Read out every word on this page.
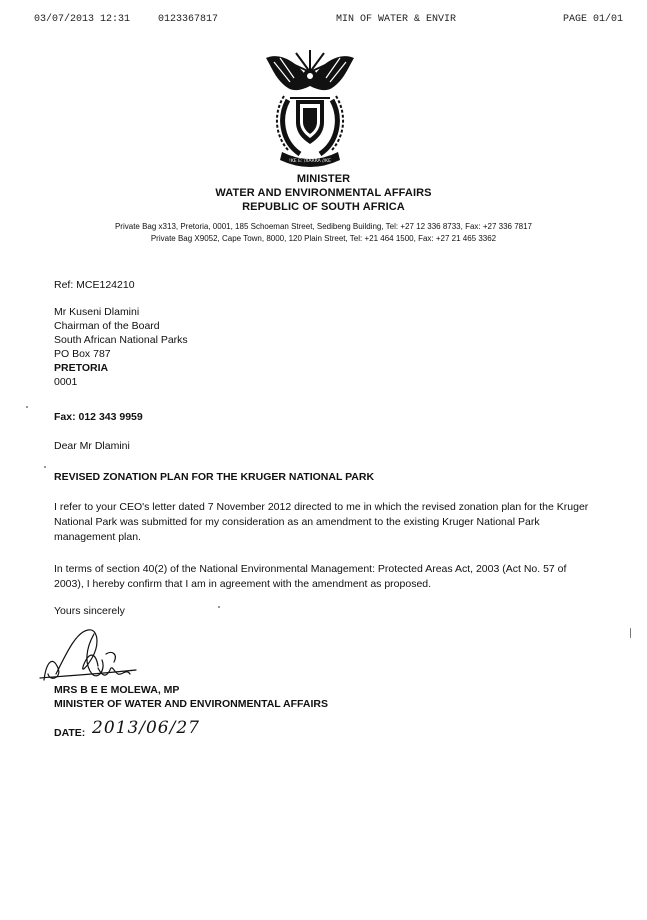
03/07/2013 12:31	0123367817	MIN OF WATER & ENVIR	PAGE 01/01
!KE E: /XARRA //KE
MINISTER
WATER AND ENVIRONMENTAL AFFAIRS
REPUBLIC OF SOUTH AFRICA
Private Bag x313, Pretoria, 0001, 185 Schoeman Street, Sedibeng Building, Tel: +27 12 336 8733, Fax: +27 336 7817
Private Bag X9052, Cape Town, 8000, 120 Plain Street, Tel: +21 464 1500, Fax: +27 21 465 3362
Ref: MCE124210
Mr Kuseni Dlamini
Chairman of the Board
South African National Parks
PO Box 787
PRETORIA
0001
Fax: 012 343 9959
Dear Mr Dlamini
REVISED ZONATION PLAN FOR THE KRUGER NATIONAL PARK
I refer to your CEO's letter dated 7 November 2012 directed to me in which the revised zonation plan for the Kruger National Park was submitted for my consideration as an amendment to the existing Kruger National Park management plan.
In terms of section 40(2) of the National Environmental Management: Protected Areas Act, 2003 (Act No. 57 of 2003), I hereby confirm that I am in agreement with the amendment as proposed.
Yours sincerely
MRS B E E MOLEWA, MP
MINISTER OF WATER AND ENVIRONMENTAL AFFAIRS
DATE: 2013/06/27
